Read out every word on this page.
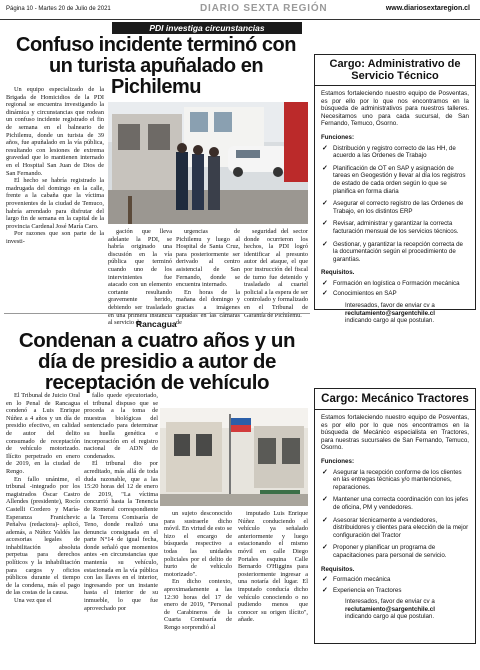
Página 10 - Martes 20 de Julio de 2021	DIARIO SEXTA REGIÓN	www.diariosextaregion.cl
PDI investiga circunstancias
Confuso incidente terminó con un turista apuñalado en Pichilemu

Un equipo especializado de la Brigada de Homicidios de la PDI regional se encuentra investigando la dinámica y circunstancias que rodean un confuso incidente registrado el fin de semana en el balneario de Pichilemu, donde un turista de 39 años, fue apuñalado en la vía pública, resultando con lesiones de extrema gravedad que lo mantienen internado en el Hospital San Juan de Dios de San Fernando.

El hecho se habría registrado la madrugada del domingo en la calle, frente a la cabaña que la víctima provenientes de la ciudad de Temuco, habría arrendado para disfrutar del largo fin de semana en la capital de la provincia Cardenal José María Caro.

Por razones que son parte de la investi-

gación que lleva adelante la PDI, se habría originado una discusión en la vía pública que terminó cuando uno de los intervinientes fue atacado con un elemento cortante resultando gravemente herido, debiendo ser trasladado en una primera instancia al servicio de

urgencias de Pichilemu y luego al Hospital de Santa Cruz, para posteriormente ser derivado al centro asistencial de San Fernando, donde se encuentra internado.

En horas de la mañana del domingo y gracias a imágenes captadas en las cámaras de

seguridad del sector donde ocurrieron los hechos, la PDI logró identificar al presunto autor del ataque, el que por instrucción del fiscal de turno fue detenido y trasladado al cuartel policial a la espera de ser controlado y formalizado en el Tribunal de Garantía de Pichilemu.

Rancagua
Condenan a cuatro años y un día de presidio a autor de receptación de vehículo

El Tribunal de Juicio Oral en lo Penal de Rancagua condenó a Luis Enrique Núñez a 4 años y un día de presidio efectivo, en calidad de autor del delito consumado de receptación de vehículo motorizado. Ilícito perpetrado en enero de 2019, en la ciudad de Rengo.

En fallo unánime, el tribunal -integrado por los magistrados Óscar Castro Allendes (presidente), Rocío Castelli Cordero y María-Esperanza Franichevic Peñalva (redactora)- aplicó, además, a Núñez Valdés las accesorias legales de inhabilitación absoluta perpetua para derechos políticos y la inhabilitación para cargos y oficios públicos durante el tiempo de la condena, más el pago de las costas de la causa.

Una vez que el

fallo quede ejecutoriado, el tribunal dispuso que se proceda a la toma de muestras biológicas del sentenciado para determinar su huella genética e incorporación en el registro nacional de ADN de condenados.

El tribunal dio por acreditado, más allá de toda duda razonable, que a las 15:20 horas del 12 de enero de 2019, "La víctima concurrió hasta la Tenencia de Romeral correspondiente a la Tercera Comisaría de Teno, donde realizó una denuncia consignada en el parte N°14 de igual fecha, donde señaló que momentos antes -en circunstancias que mantenía su vehículo, estacionada en la vía pública con las llaves en el interior, ingresando por un instante hasta el interior de su inmueble, lo que fue aprovechado por

un sujeto desconocido para sustraerle dicho móvil. En virtud de esto se hizo el encargo de búsqueda respectivo a todas las unidades policiales por el delito de hurto de vehículo motorizado".

En dicho contexto, aproximadamente a las 12:30 horas del 17 de enero de 2019, "Personal de Carabineros de la Cuarta Comisaría de Rengo sorprendió al

imputado Luis Enrique Núñez conduciendo el vehículo ya señalado anteriormente y luego estacionando el mismo móvil en calle Diego Portales esquina Calle Bernardo O'Higgins para posteriormente ingresar a una notaría del lugar. El imputado conducía dicho vehículo conociendo o no pudiendo menos que conocer su origen ilícito", añade.

Cargo: Administrativo de Servicio Técnico
Estamos fortaleciendo nuestro equipo de Posventas, es por ello por lo que nos encontramos en la búsqueda de administrativos para nuestros talleres. Necesitamos uno para cada sucursal, de San Fernando, Temuco, Osorno.
Funciones:
✓ Distribución y registro correcto de las HH, de acuerdo a las Ordenes de Trabajo
✓ Planificación de OT en SAP y asignación de tareas en Geogestión y llevar al día los registros de estado de cada orden según lo que se planifica en forma diaria
✓ Asegurar el correcto registro de las Ordenes de Trabajo, en los distintos ERP
✓ Revisar, administrar y garantizar la correcta facturación mensual de los servicios técnicos.
✓ Gestionar, y garantizar la recepción correcta de la documentación según el procedimiento de garantías.
Requisitos.
✓ Formación en logística o Formación mecánica
✓ Conocimientos en SAP
Interesados, favor de enviar cv a
reclutamiento@sargentchile.cl
indicando cargo al que postulan.
Cargo: Mecánico Tractores
Estamos fortaleciendo nuestro equipo de Posventas, es por ello por lo que nos encontramos en la búsqueda de Mecánico especialista en Tractores, para nuestras sucursales de San Fernando, Temuco, Osorno.
Funciones:
✓ Asegurar la recepción conforme de los clientes en las entregas técnicas y/o mantenciones, reparaciones.
✓ Mantener una correcta coordinación con los jefes de oficina, PM y vendedores.
✓ Asesorar técnicamente a vendedores, distribuidores y clientes para elección de la mejor configuración del Tractor
✓ Proponer y planificar un programa de capacitaciones para personal de servicio.
Requisitos.
✓ Formación mecánica
✓ Experiencia en Tractores
Interesados, favor de enviar cv a
reclutamiento@sargentchile.cl
indicando cargo al que postulan.
